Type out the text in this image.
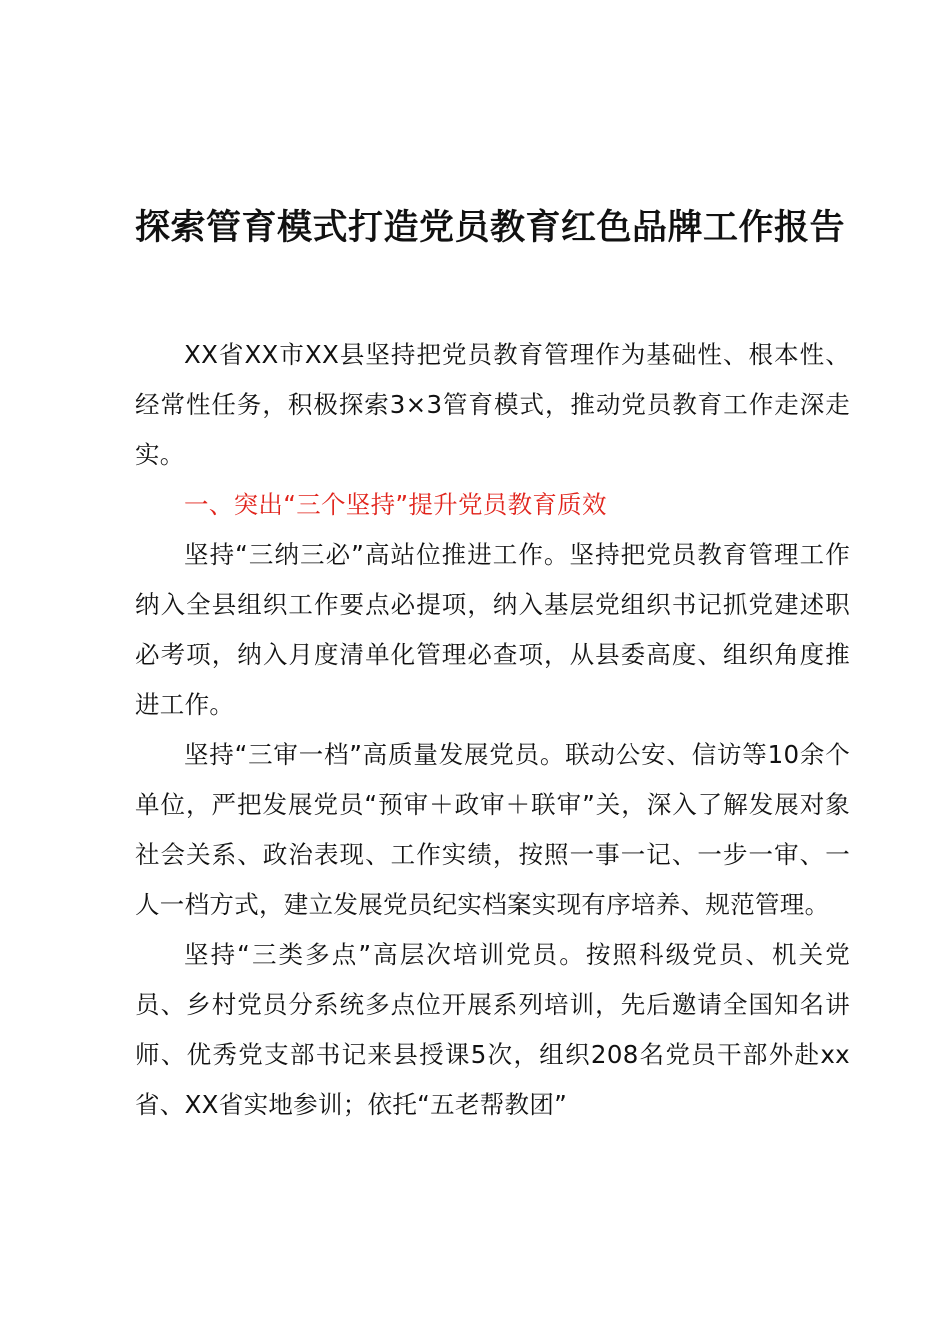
探索管育模式打造党员教育红色品牌工作报告

XX省XX市XX县坚持把党员教育管理作为基础性、根本性、经常性任务，积极探索3×3管育模式，推动党员教育工作走深走实。

一、突出“三个坚持”提升党员教育质效

坚持“三纳三必”高站位推进工作。坚持把党员教育管理工作纳入全县组织工作要点必提项，纳入基层党组织书记抓党建述职必考项，纳入月度清单化管理必查项，从县委高度、组织角度推进工作。

坚持“三审一档”高质量发展党员。联动公安、信访等10余个单位，严把发展党员“预审＋政审＋联审”关，深入了解发展对象社会关系、政治表现、工作实绩，按照一事一记、一步一审、一人一档方式，建立发展党员纪实档案实现有序培养、规范管理。

坚持“三类多点”高层次培训党员。按照科级党员、机关党员、乡村党员分系统多点位开展系列培训，先后邀请全国知名讲师、优秀党支部书记来县授课5次，组织208名党员干部外赴xx省、XX省实地参训；依托“五老帮教团”
